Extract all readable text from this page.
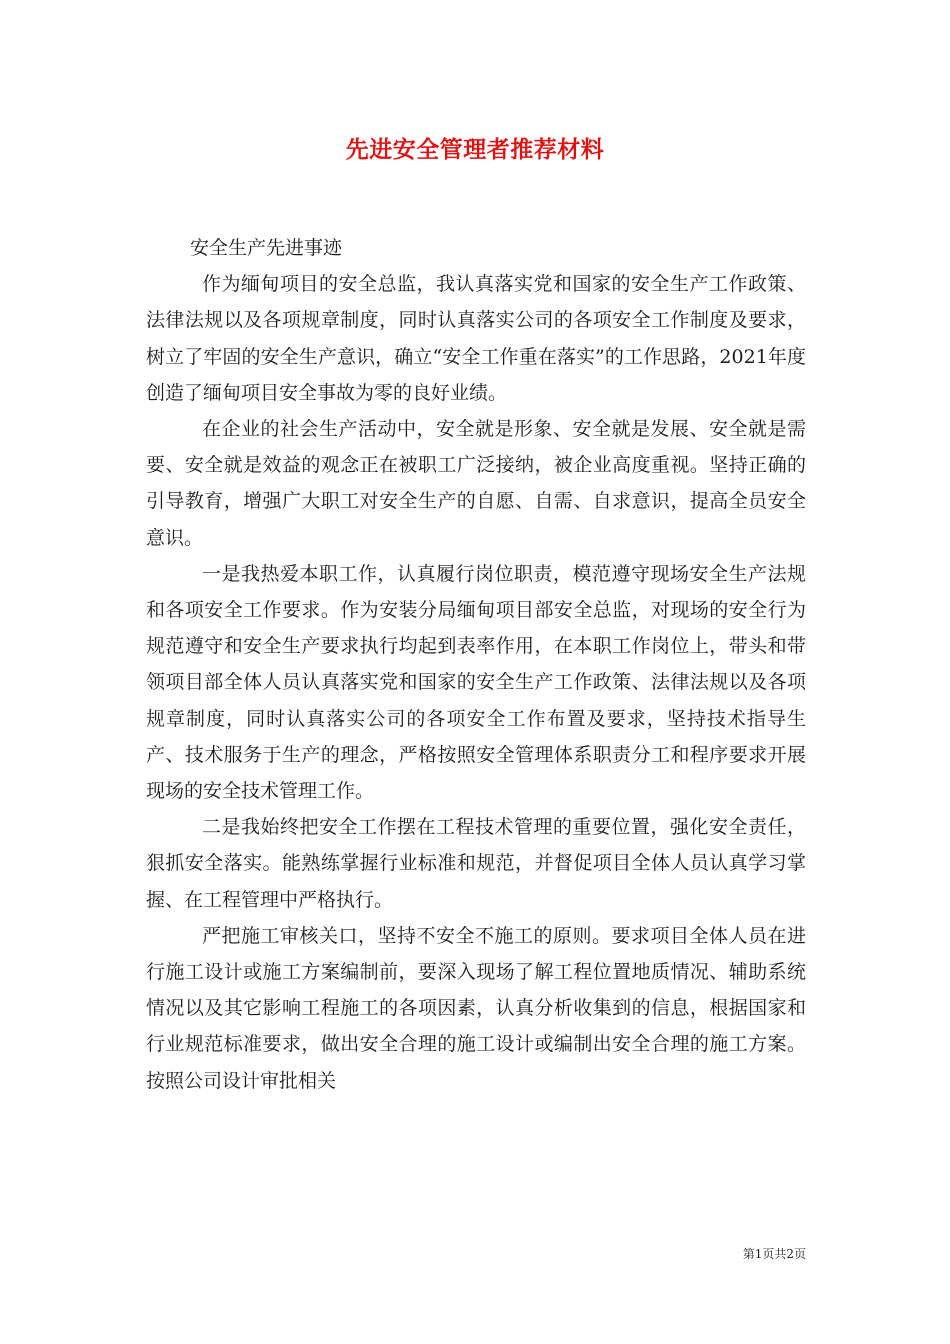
先进安全管理者推荐材料

安全生产先进事迹

作为缅甸项目的安全总监，我认真落实党和国家的安全生产工作政策、法律法规以及各项规章制度，同时认真落实公司的各项安全工作制度及要求，树立了牢固的安全生产意识，确立“安全工作重在落实”的工作思路，2021年度创造了缅甸项目安全事故为零的良好业绩。

在企业的社会生产活动中，安全就是形象、安全就是发展、安全就是需要、安全就是效益的观念正在被职工广泛接纳，被企业高度重视。坚持正确的引导教育，增强广大职工对安全生产的自愿、自需、自求意识，提高全员安全意识。

一是我热爱本职工作，认真履行岗位职责，模范遵守现场安全生产法规和各项安全工作要求。作为安装分局缅甸项目部安全总监，对现场的安全行为规范遵守和安全生产要求执行均起到表率作用，在本职工作岗位上，带头和带领项目部全体人员认真落实党和国家的安全生产工作政策、法律法规以及各项规章制度，同时认真落实公司的各项安全工作布置及要求，坚持技术指导生产、技术服务于生产的理念，严格按照安全管理体系职责分工和程序要求开展现场的安全技术管理工作。

二是我始终把安全工作摆在工程技术管理的重要位置，强化安全责任，狠抓安全落实。能熟练掌握行业标准和规范，并督促项目全体人员认真学习掌握、在工程管理中严格执行。

严把施工审核关口，坚持不安全不施工的原则。要求项目全体人员在进行施工设计或施工方案编制前，要深入现场了解工程位置地质情况、辅助系统情况以及其它影响工程施工的各项因素，认真分析收集到的信息，根据国家和行业规范标准要求，做出安全合理的施工设计或编制出安全合理的施工方案。按照公司设计审批相关

第1页共2页
